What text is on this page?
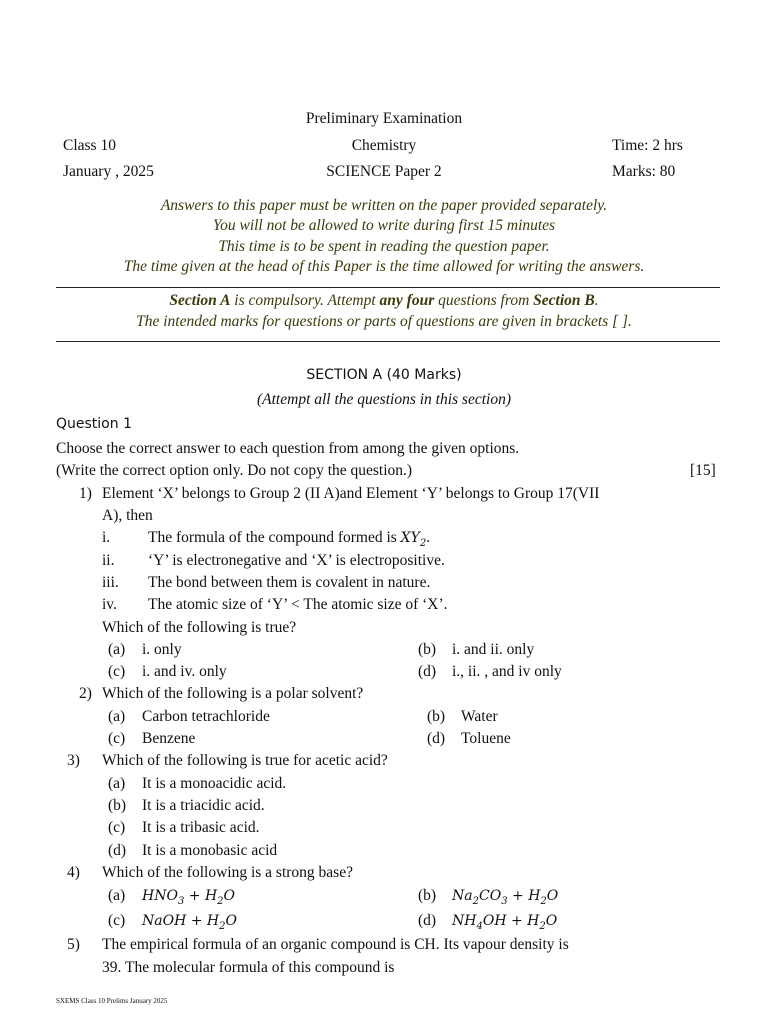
Preliminary Examination
Class 10	Chemistry	Time: 2 hrs
January , 2025	SCIENCE Paper 2	Marks: 80
Answers to this paper must be written on the paper provided separately.
You will not be allowed to write during first 15 minutes
This time is to be spent in reading the question paper.
The time given at the head of this Paper is the time allowed for writing the answers.
Section A is compulsory. Attempt any four questions from Section B.
The intended marks for questions or parts of questions are given in brackets [ ].
SECTION A (40 Marks)
(Attempt all the questions in this section)
Question 1
Choose the correct answer to each question from among the given options.
(Write the correct option only. Do not copy the question.)	[15]
1) Element ‘X’ belongs to Group 2 (II A)and Element ‘Y’ belongs to Group 17(VII
A), then
i. The formula of the compound formed is $XY_2$.
ii. ‘Y’ is electronegative and ‘X’ is electropositive.
iii. The bond between them is covalent in nature.
iv. The atomic size of ‘Y’ < The atomic size of ‘X’.
Which of the following is true?
(a) i. only	(b) i. and ii. only
(c) i. and iv. only	(d) i., ii. , and iv only
2) Which of the following is a polar solvent?
(a) Carbon tetrachloride	(b) Water
(c) Benzene	(d) Toluene
3) Which of the following is true for acetic acid?
(a) It is a monoacidic acid.
(b) It is a triacidic acid.
(c) It is a tribasic acid.
(d) It is a monobasic acid
4) Which of the following is a strong base?
(a) $HNO_3 + H_2O$	(b) $Na_2CO_3 + H_2O$
(c) NaOH + $H_2O$	(d) $NH_4OH + H_2O$
5) The empirical formula of an organic compound is CH. Its vapour density is
39. The molecular formula of this compound is
SXEMS Class 10 Prelims January 2025
